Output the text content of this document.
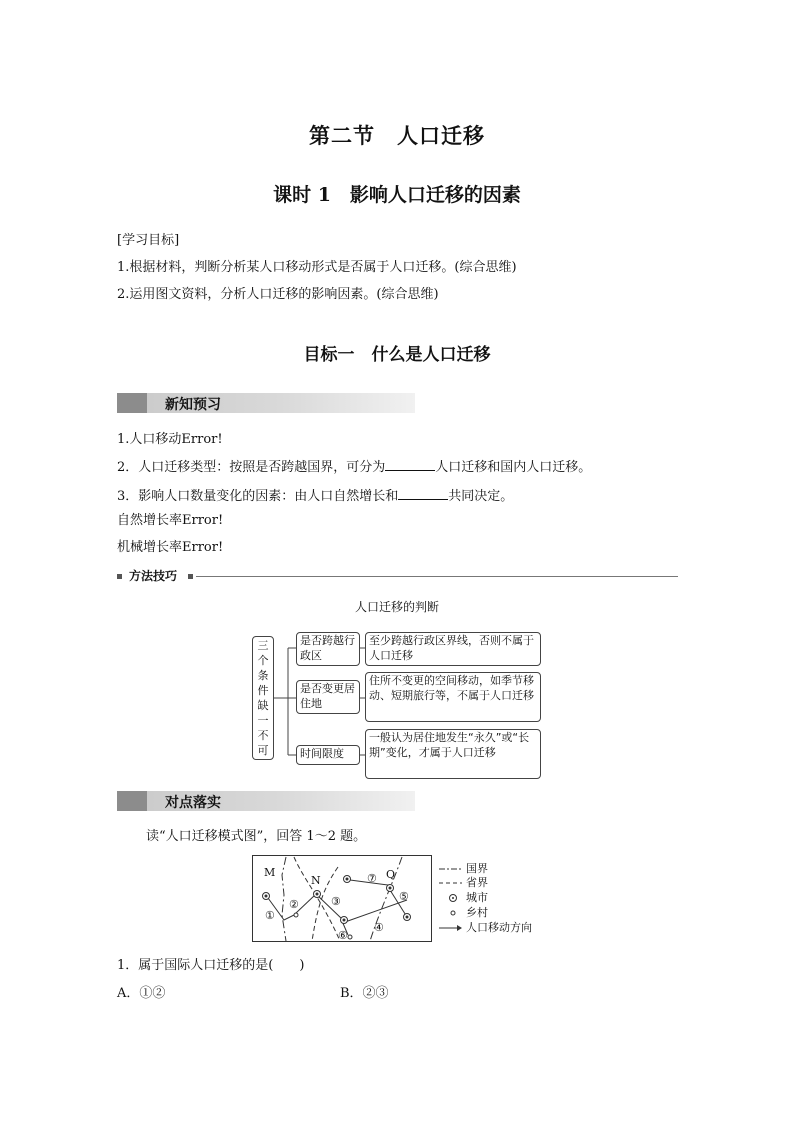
第二节　人口迁移
课时 1　影响人口迁移的因素
[学习目标]
1.根据材料，判断分析某人口移动形式是否属于人口迁移。(综合思维)
2.运用图文资料，分析人口迁移的影响因素。(综合思维)
目标一　什么是人口迁移
新知预习
1.人口移动Error!
2．人口迁移类型：按照是否跨越国界，可分为	人口迁移和国内人口迁移。
3．影响人口数量变化的因素：由人口自然增长和	共同决定。
自然增长率Error!
机械增长率Error!
方法技巧
人口迁移的判断
三个条件缺一不可
是否跨越行政区
是否变更居住地
时间限度
至少跨越行政区界线，否则不属于人口迁移
住所不变更的空间移动，如季节移动、短期旅行等，不属于人口迁移
一般认为居住地发生“永久”或“长期”变化，才属于人口迁移
对点落实
读“人口迁移模式图”，回答 1～2 题。
M
N	Q
①
②	③
④
⑤
⑥
⑦
国界
省界
城市
乡村
人口移动方向
1．属于国际人口迁移的是(　　)
A．①②	B．②③
